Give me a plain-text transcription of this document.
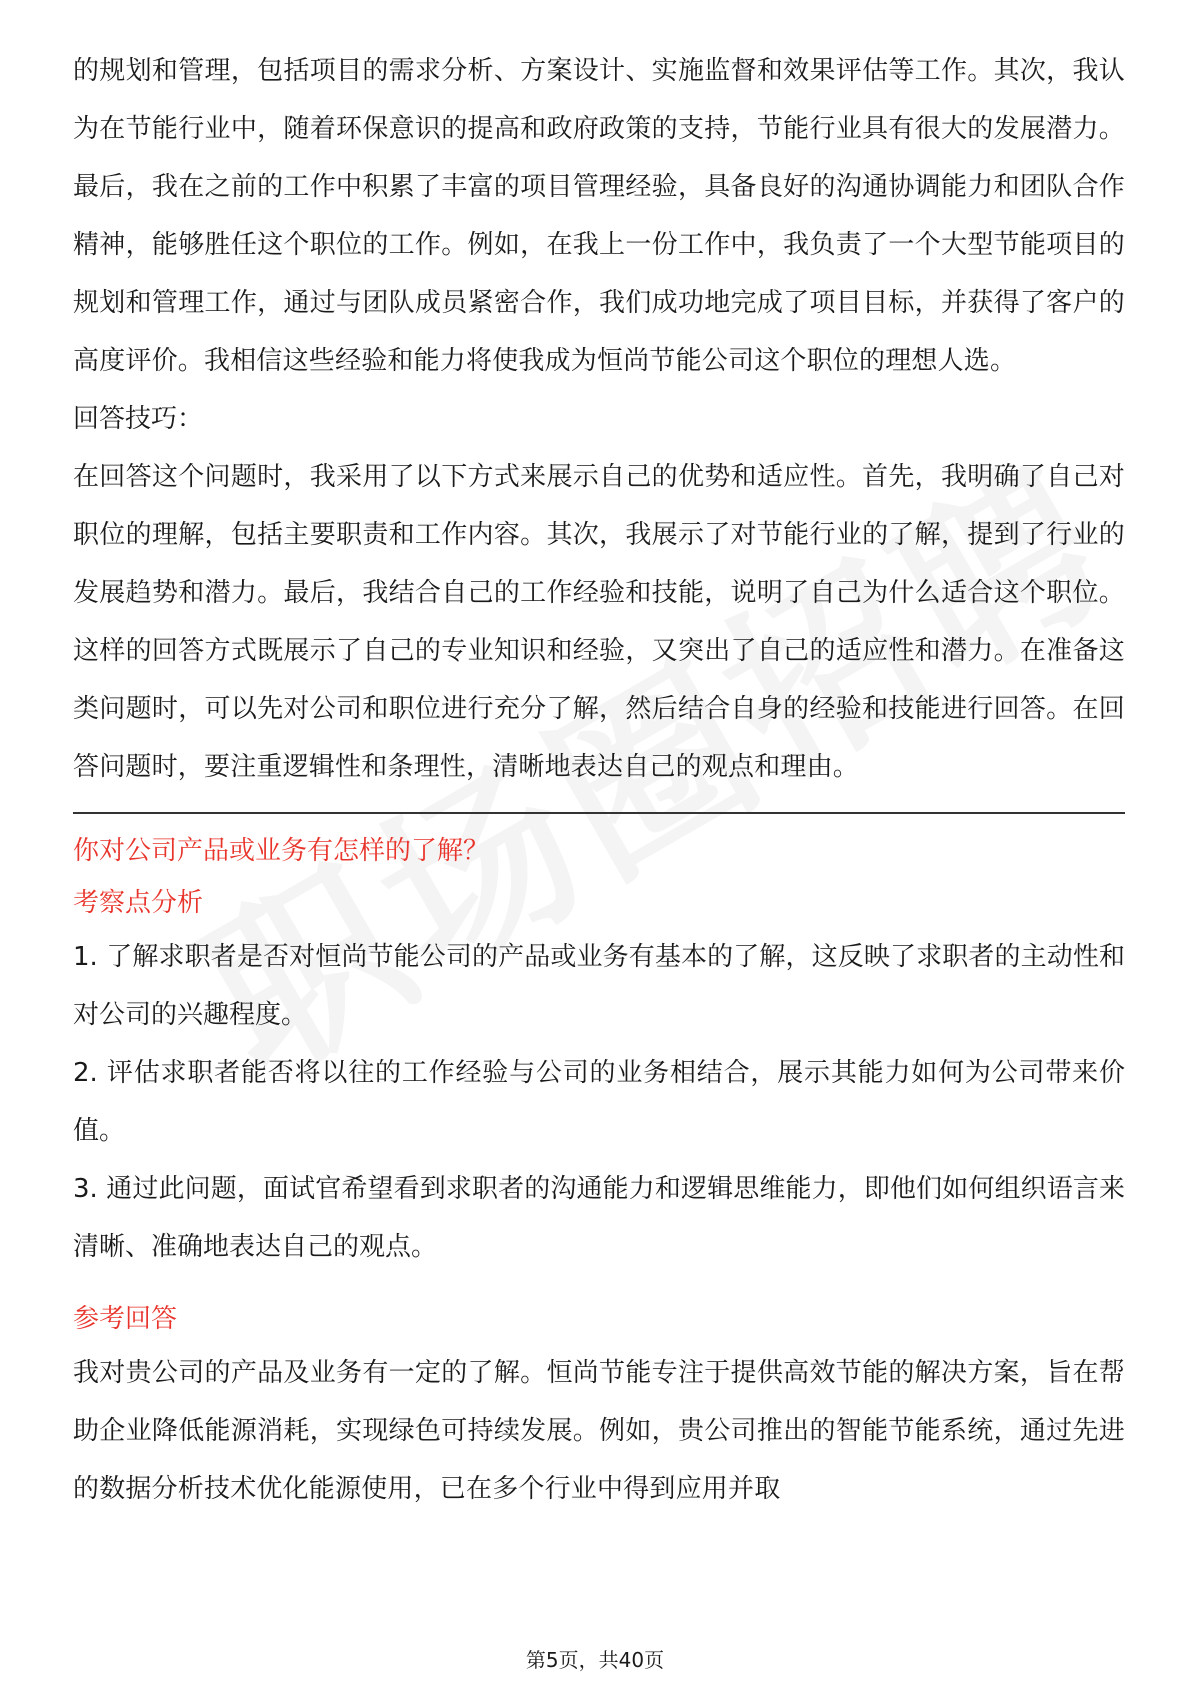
的规划和管理，包括项目的需求分析、方案设计、实施监督和效果评估等工作。其次，我认为在节能行业中，随着环保意识的提高和政府政策的支持，节能行业具有很大的发展潜力。最后，我在之前的工作中积累了丰富的项目管理经验，具备良好的沟通协调能力和团队合作精神，能够胜任这个职位的工作。例如，在我上一份工作中，我负责了一个大型节能项目的规划和管理工作，通过与团队成员紧密合作，我们成功地完成了项目目标，并获得了客户的高度评价。我相信这些经验和能力将使我成为恒尚节能公司这个职位的理想人选。

回答技巧：

在回答这个问题时，我采用了以下方式来展示自己的优势和适应性。首先，我明确了自己对职位的理解，包括主要职责和工作内容。其次，我展示了对节能行业的了解，提到了行业的发展趋势和潜力。最后，我结合自己的工作经验和技能，说明了自己为什么适合这个职位。这样的回答方式既展示了自己的专业知识和经验，又突出了自己的适应性和潜力。在准备这类问题时，可以先对公司和职位进行充分了解，然后结合自身的经验和技能进行回答。在回答问题时，要注重逻辑性和条理性，清晰地表达自己的观点和理由。

你对公司产品或业务有怎样的了解？

考察点分析

1. 了解求职者是否对恒尚节能公司的产品或业务有基本的了解，这反映了求职者的主动性和对公司的兴趣程度。

2. 评估求职者能否将以往的工作经验与公司的业务相结合，展示其能力如何为公司带来价值。

3. 通过此问题，面试官希望看到求职者的沟通能力和逻辑思维能力，即他们如何组织语言来清晰、准确地表达自己的观点。

参考回答

我对贵公司的产品及业务有一定的了解。恒尚节能专注于提供高效节能的解决方案，旨在帮助企业降低能源消耗，实现绿色可持续发展。例如，贵公司推出的智能节能系统，通过先进的数据分析技术优化能源使用，已在多个行业中得到应用并取

第5页，共40页
